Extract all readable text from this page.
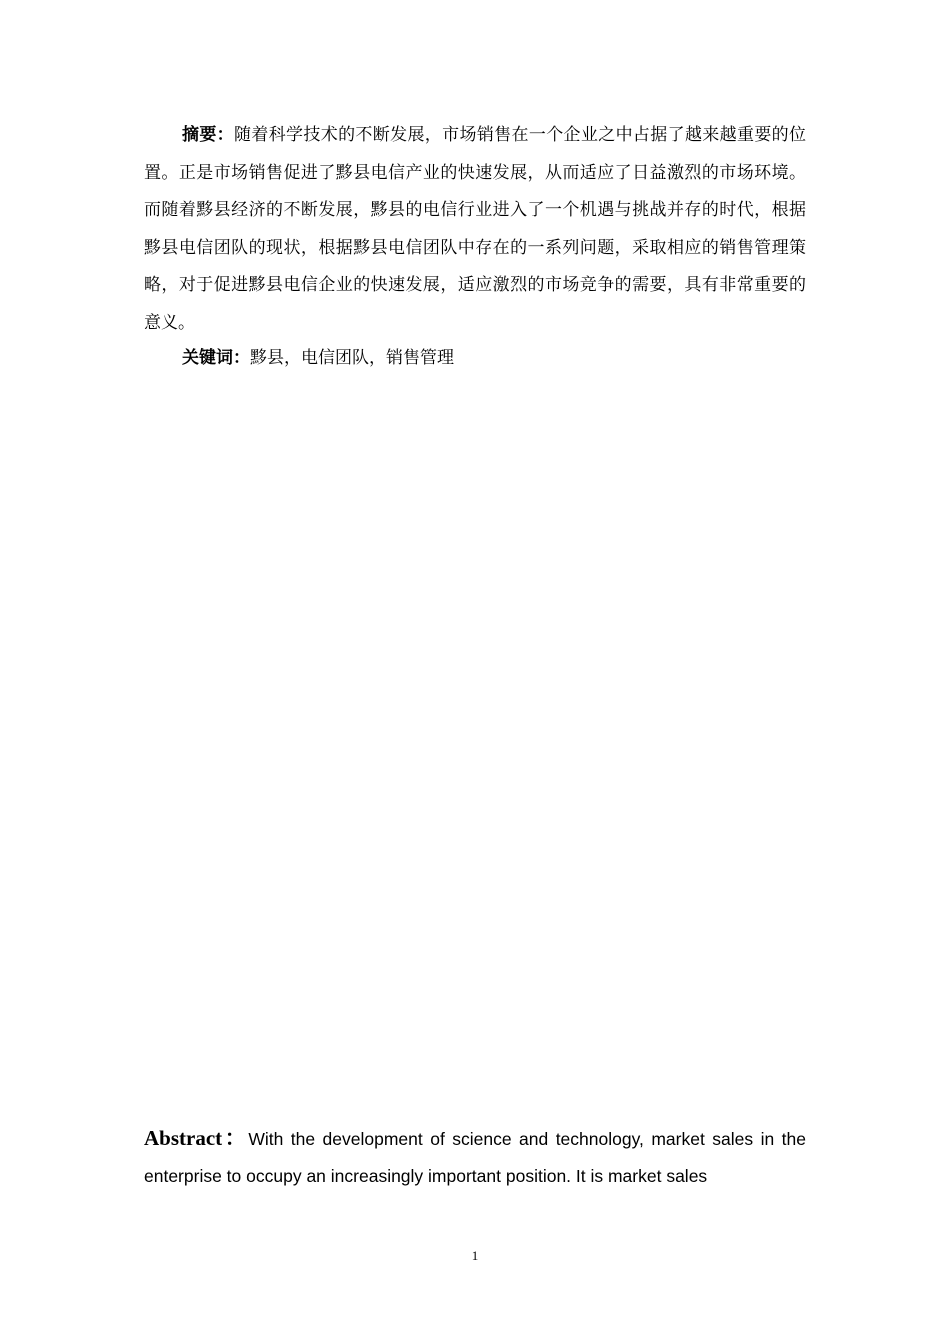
摘要：随着科学技术的不断发展，市场销售在一个企业之中占据了越来越重要的位置。正是市场销售促进了黟县电信产业的快速发展，从而适应了日益激烈的市场环境。而随着黟县经济的不断发展，黟县的电信行业进入了一个机遇与挑战并存的时代，根据黟县电信团队的现状，根据黟县电信团队中存在的一系列问题，采取相应的销售管理策略，对于促进黟县电信企业的快速发展，适应激烈的市场竞争的需要，具有非常重要的意义。

关键词：黟县，电信团队，销售管理

Abstract：With the development of science and technology, market sales in the enterprise to occupy an increasingly important position. It is market sales

1
